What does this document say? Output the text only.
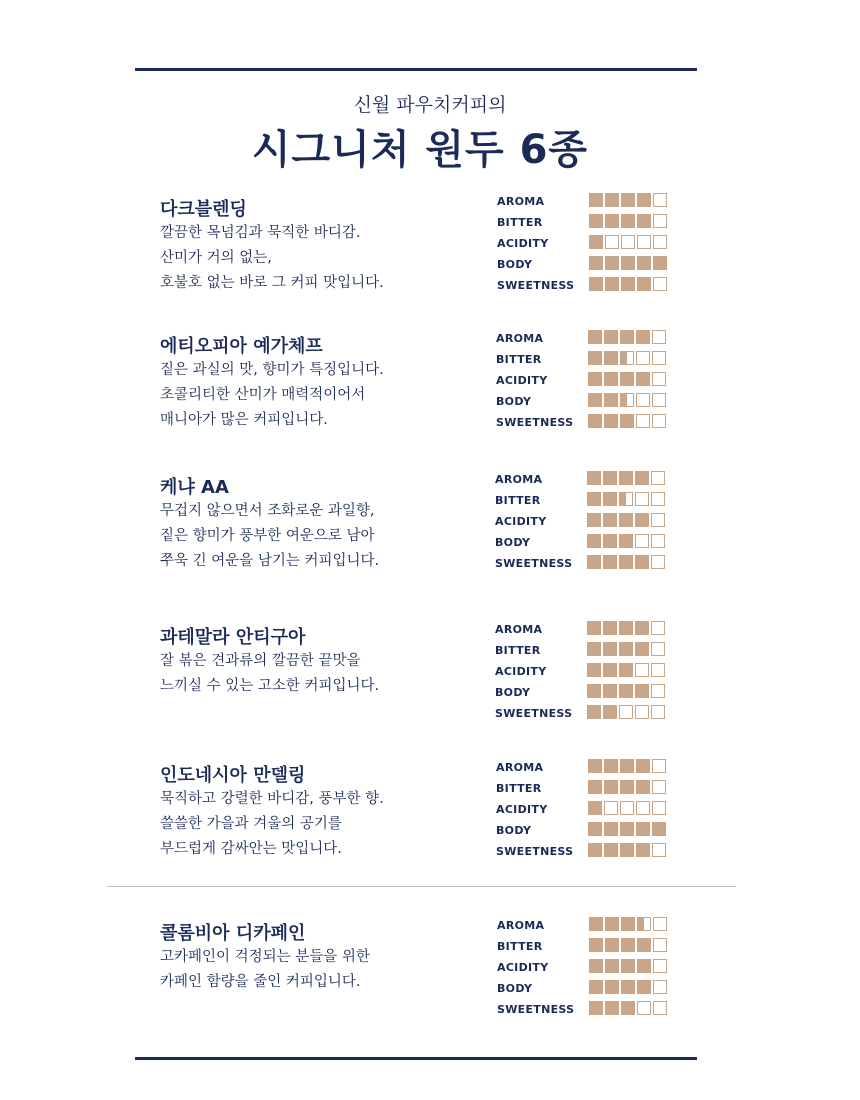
신월 파우치커피의
시그니처 원두 6종
다크블렌딩
깔끔한 목넘김과 묵직한 바디감.
산미가 거의 없는,
호불호 없는 바로 그 커피 맛입니다.
AROMA
BITTER
ACIDITY
BODY
SWEETNESS
에티오피아 예가체프
짙은 과실의 맛, 향미가 특징입니다.
초콜리티한 산미가 매력적이어서
매니아가 많은 커피입니다.
AROMA
BITTER
ACIDITY
BODY
SWEETNESS
케냐 AA
무겁지 않으면서 조화로운 과일향,
짙은 향미가 풍부한 여운으로 남아
쭈욱 긴 여운을 남기는 커피입니다.
AROMA
BITTER
ACIDITY
BODY
SWEETNESS
과테말라 안티구아
잘 볶은 견과류의 깔끔한 끝맛을
느끼실 수 있는 고소한 커피입니다.
AROMA
BITTER
ACIDITY
BODY
SWEETNESS
인도네시아 만델링
묵직하고 강렬한 바디감, 풍부한 향.
쓸쓸한 가을과 겨울의 공기를
부드럽게 감싸안는 맛입니다.
AROMA
BITTER
ACIDITY
BODY
SWEETNESS
콜롬비아 디카페인
고카페인이 걱정되는 분들을 위한
카페인 함량을 줄인 커피입니다.
AROMA
BITTER
ACIDITY
BODY
SWEETNESS
